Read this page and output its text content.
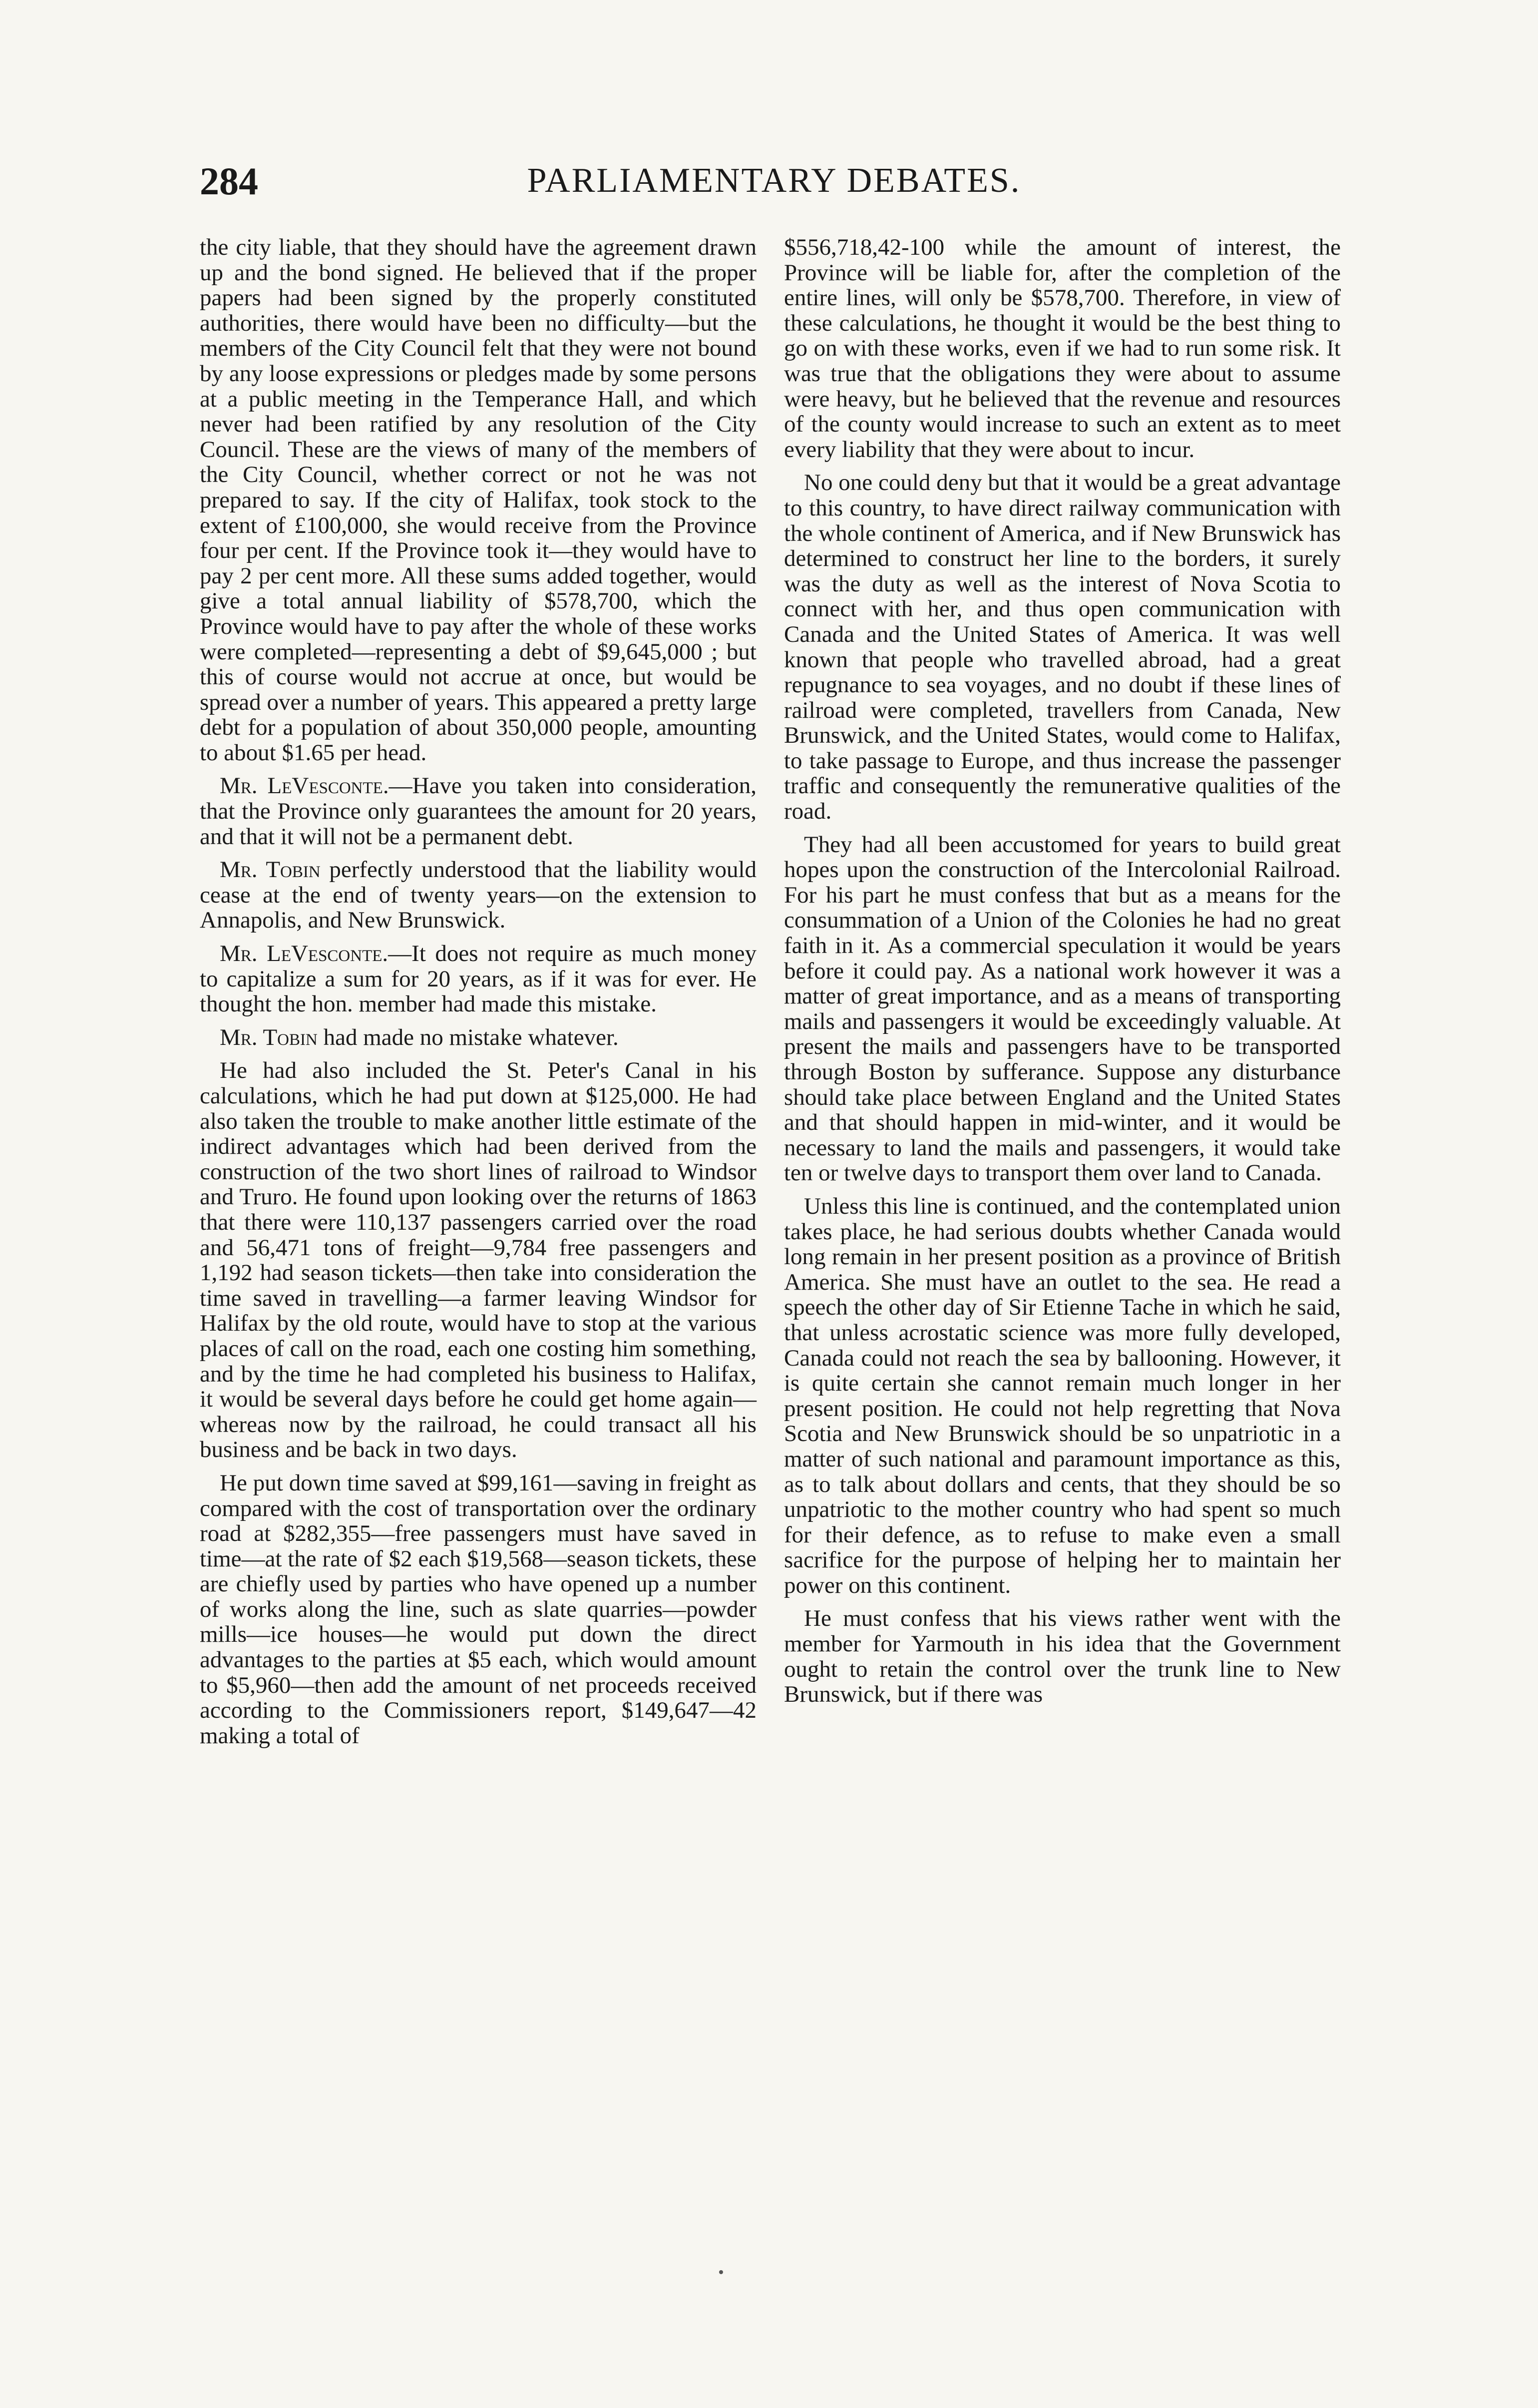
284	PARLIAMENTARY DEBATES.

the city liable, that they should have the agreement drawn up and the bond signed. He believed that if the proper papers had been signed by the properly constituted authorities, there would have been no difficulty—but the members of the City Council felt that they were not bound by any loose expressions or pledges made by some persons at a public meeting in the Temperance Hall, and which never had been ratified by any resolution of the City Council. These are the views of many of the members of the City Council, whether correct or not he was not prepared to say. If the city of Halifax, took stock to the extent of £100,000, she would receive from the Province four per cent. If the Province took it—they would have to pay 2 per cent more. All these sums added together, would give a total annual liability of $578,700, which the Province would have to pay after the whole of these works were completed—representing a debt of $9,645,000 ; but this of course would not accrue at once, but would be spread over a number of years. This appeared a pretty large debt for a population of about 350,000 people, amounting to about $1.65 per head.

Mr. LeVesconte.—Have you taken into consideration, that the Province only guarantees the amount for 20 years, and that it will not be a permanent debt.

Mr. Tobin perfectly understood that the liability would cease at the end of twenty years—on the extension to Annapolis, and New Brunswick.

Mr. LeVesconte.—It does not require as much money to capitalize a sum for 20 years, as if it was for ever. He thought the hon. member had made this mistake.

Mr. Tobin had made no mistake whatever.

He had also included the St. Peter's Canal in his calculations, which he had put down at $125,000. He had also taken the trouble to make another little estimate of the indirect advantages which had been derived from the construction of the two short lines of railroad to Windsor and Truro. He found upon looking over the returns of 1863 that there were 110,137 passengers carried over the road and 56,471 tons of freight—9,784 free passengers and 1,192 had season tickets—then take into consideration the time saved in travelling—a farmer leaving Windsor for Halifax by the old route, would have to stop at the various places of call on the road, each one costing him something, and by the time he had completed his business to Halifax, it would be several days before he could get home again—whereas now by the railroad, he could transact all his business and be back in two days.

He put down time saved at $99,161—saving in freight as compared with the cost of transportation over the ordinary road at $282,355—free passengers must have saved in time—at the rate of $2 each $19,568—season tickets, these are chiefly used by parties who have opened up a number of works along the line, such as slate quarries—powder mills—ice houses—he would put down the direct advantages to the parties at $5 each, which would amount to $5,960—then add the amount of net proceeds received according to the Commissioners report, $149,647—42 making a total of

$556,718,42-100 while the amount of interest, the Province will be liable for, after the completion of the entire lines, will only be $578,700. Therefore, in view of these calculations, he thought it would be the best thing to go on with these works, even if we had to run some risk. It was true that the obligations they were about to assume were heavy, but he believed that the revenue and resources of the county would increase to such an extent as to meet every liability that they were about to incur.

No one could deny but that it would be a great advantage to this country, to have direct railway communication with the whole continent of America, and if New Brunswick has determined to construct her line to the borders, it surely was the duty as well as the interest of Nova Scotia to connect with her, and thus open communication with Canada and the United States of America. It was well known that people who travelled abroad, had a great repugnance to sea voyages, and no doubt if these lines of railroad were completed, travellers from Canada, New Brunswick, and the United States, would come to Halifax, to take passage to Europe, and thus increase the passenger traffic and consequently the remunerative qualities of the road.

They had all been accustomed for years to build great hopes upon the construction of the Intercolonial Railroad. For his part he must confess that but as a means for the consummation of a Union of the Colonies he had no great faith in it. As a commercial speculation it would be years before it could pay. As a national work however it was a matter of great importance, and as a means of transporting mails and passengers it would be exceedingly valuable. At present the mails and passengers have to be transported through Boston by sufferance. Suppose any disturbance should take place between England and the United States and that should happen in mid-winter, and it would be necessary to land the mails and passengers, it would take ten or twelve days to transport them over land to Canada.

Unless this line is continued, and the contemplated union takes place, he had serious doubts whether Canada would long remain in her present position as a province of British America. She must have an outlet to the sea. He read a speech the other day of Sir Etienne Tache in which he said, that unless acrostatic science was more fully developed, Canada could not reach the sea by ballooning. However, it is quite certain she cannot remain much longer in her present position. He could not help regretting that Nova Scotia and New Brunswick should be so unpatriotic in a matter of such national and paramount importance as this, as to talk about dollars and cents, that they should be so unpatriotic to the mother country who had spent so much for their defence, as to refuse to make even a small sacrifice for the purpose of helping her to maintain her power on this continent.

He must confess that his views rather went with the member for Yarmouth in his idea that the Government ought to retain the control over the trunk line to New Brunswick, but if there was
